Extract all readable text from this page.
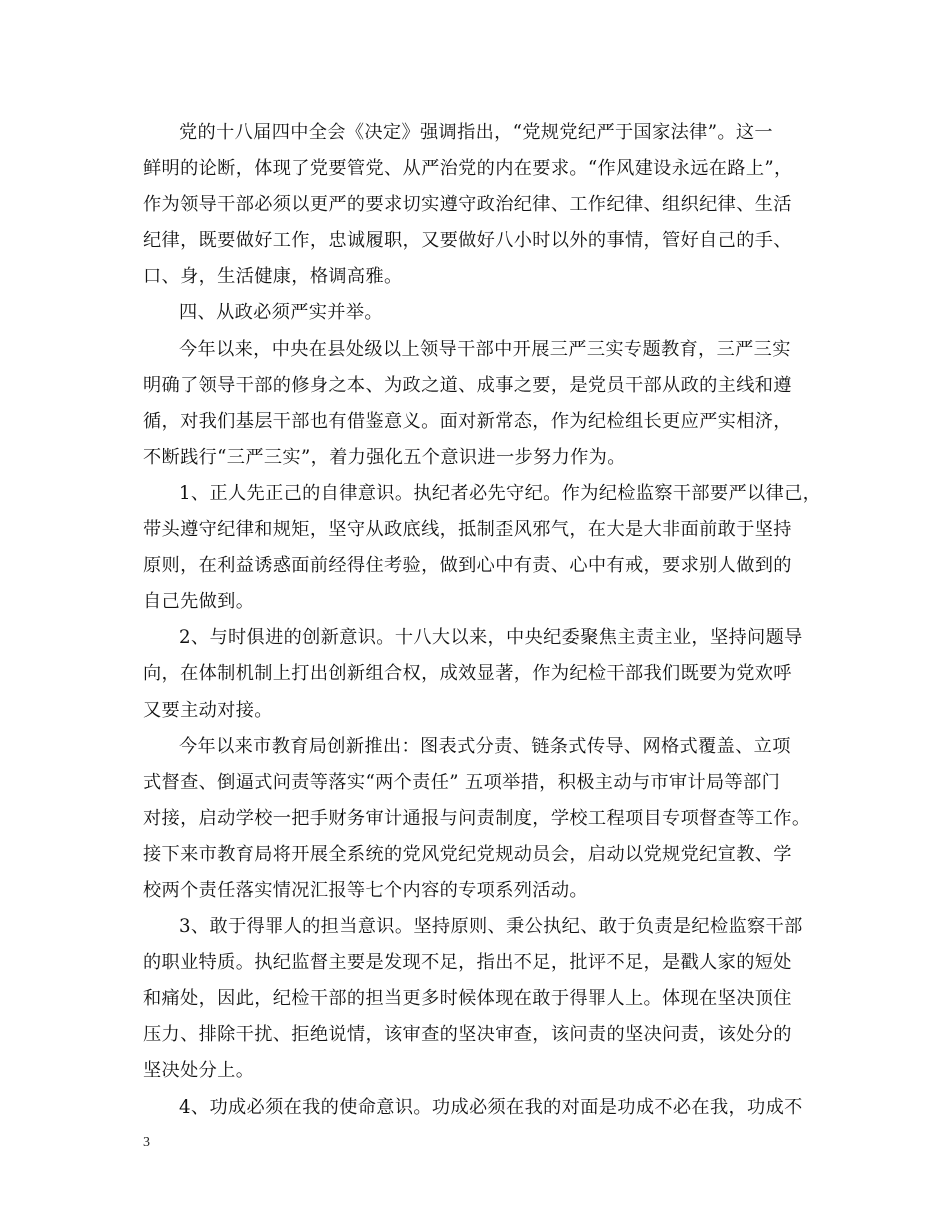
党的十八届四中全会《决定》强调指出，“党规党纪严于国家法律”。这一
鲜明的论断，体现了党要管党、从严治党的内在要求。“作风建设永远在路上”，
作为领导干部必须以更严的要求切实遵守政治纪律、工作纪律、组织纪律、生活
纪律，既要做好工作，忠诚履职，又要做好八小时以外的事情，管好自己的手、
口、身，生活健康，格调高雅。

四、从政必须严实并举。

今年以来，中央在县处级以上领导干部中开展三严三实专题教育，三严三实
明确了领导干部的修身之本、为政之道、成事之要，是党员干部从政的主线和遵
循，对我们基层干部也有借鉴意义。面对新常态，作为纪检组长更应严实相济，
不断践行“三严三实”，着力强化五个意识进一步努力作为。

1、正人先正己的自律意识。执纪者必先守纪。作为纪检监察干部要严以律己，
带头遵守纪律和规矩，坚守从政底线，抵制歪风邪气，在大是大非面前敢于坚持
原则，在利益诱惑面前经得住考验，做到心中有责、心中有戒，要求别人做到的
自己先做到。

2、与时俱进的创新意识。十八大以来，中央纪委聚焦主责主业，坚持问题导
向，在体制机制上打出创新组合权，成效显著，作为纪检干部我们既要为党欢呼
又要主动对接。

今年以来市教育局创新推出：图表式分责、链条式传导、网格式覆盖、立项
式督查、倒逼式问责等落实“两个责任” 五项举措，积极主动与市审计局等部门
对接，启动学校一把手财务审计通报与问责制度，学校工程项目专项督查等工作。
接下来市教育局将开展全系统的党风党纪党规动员会，启动以党规党纪宣教、学
校两个责任落实情况汇报等七个内容的专项系列活动。

3、敢于得罪人的担当意识。坚持原则、秉公执纪、敢于负责是纪检监察干部
的职业特质。执纪监督主要是发现不足，指出不足，批评不足，是戳人家的短处
和痛处，因此，纪检干部的担当更多时候体现在敢于得罪人上。体现在坚决顶住
压力、排除干扰、拒绝说情，该审查的坚决审查，该问责的坚决问责，该处分的
坚决处分上。

4、功成必须在我的使命意识。功成必须在我的对面是功成不必在我，功成不

3
